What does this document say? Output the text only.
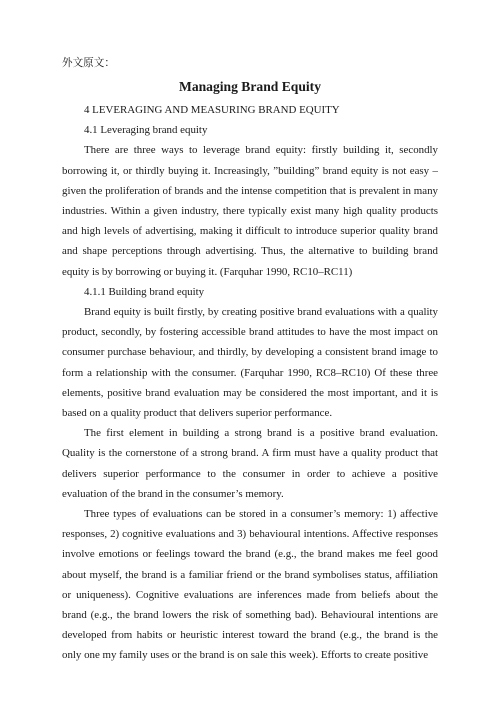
外文原文：

Managing Brand Equity

4 LEVERAGING AND MEASURING BRAND EQUITY

4.1 Leveraging brand equity

There are three ways to leverage brand equity: firstly building it, secondly borrowing it, or thirdly buying it. Increasingly, ”building” brand equity is not easy – given the proliferation of brands and the intense competition that is prevalent in many industries. Within a given industry, there typically exist many high quality products and high levels of advertising, making it difficult to introduce superior quality brand and shape perceptions through advertising. Thus, the alternative to building brand equity is by borrowing or buying it. (Farquhar 1990, RC10–RC11)

4.1.1 Building brand equity

Brand equity is built firstly, by creating positive brand evaluations with a quality product, secondly, by fostering accessible brand attitudes to have the most impact on consumer purchase behaviour, and thirdly, by developing a consistent brand image to form a relationship with the consumer. (Farquhar 1990, RC8–RC10) Of these three elements, positive brand evaluation may be considered the most important, and it is based on a quality product that delivers superior performance.

The first element in building a strong brand is a positive brand evaluation. Quality is the cornerstone of a strong brand. A firm must have a quality product that delivers superior performance to the consumer in order to achieve a positive evaluation of the brand in the consumer’s memory.

Three types of evaluations can be stored in a consumer’s memory: 1) affective responses, 2) cognitive evaluations and 3) behavioural intentions. Affective responses involve emotions or feelings toward the brand (e.g., the brand makes me feel good about myself, the brand is a familiar friend or the brand symbolises status, affiliation or uniqueness). Cognitive evaluations are inferences made from beliefs about the brand (e.g., the brand lowers the risk of something bad). Behavioural intentions are developed from habits or heuristic interest toward the brand (e.g., the brand is the only one my family uses or the brand is on sale this week). Efforts to create positive
